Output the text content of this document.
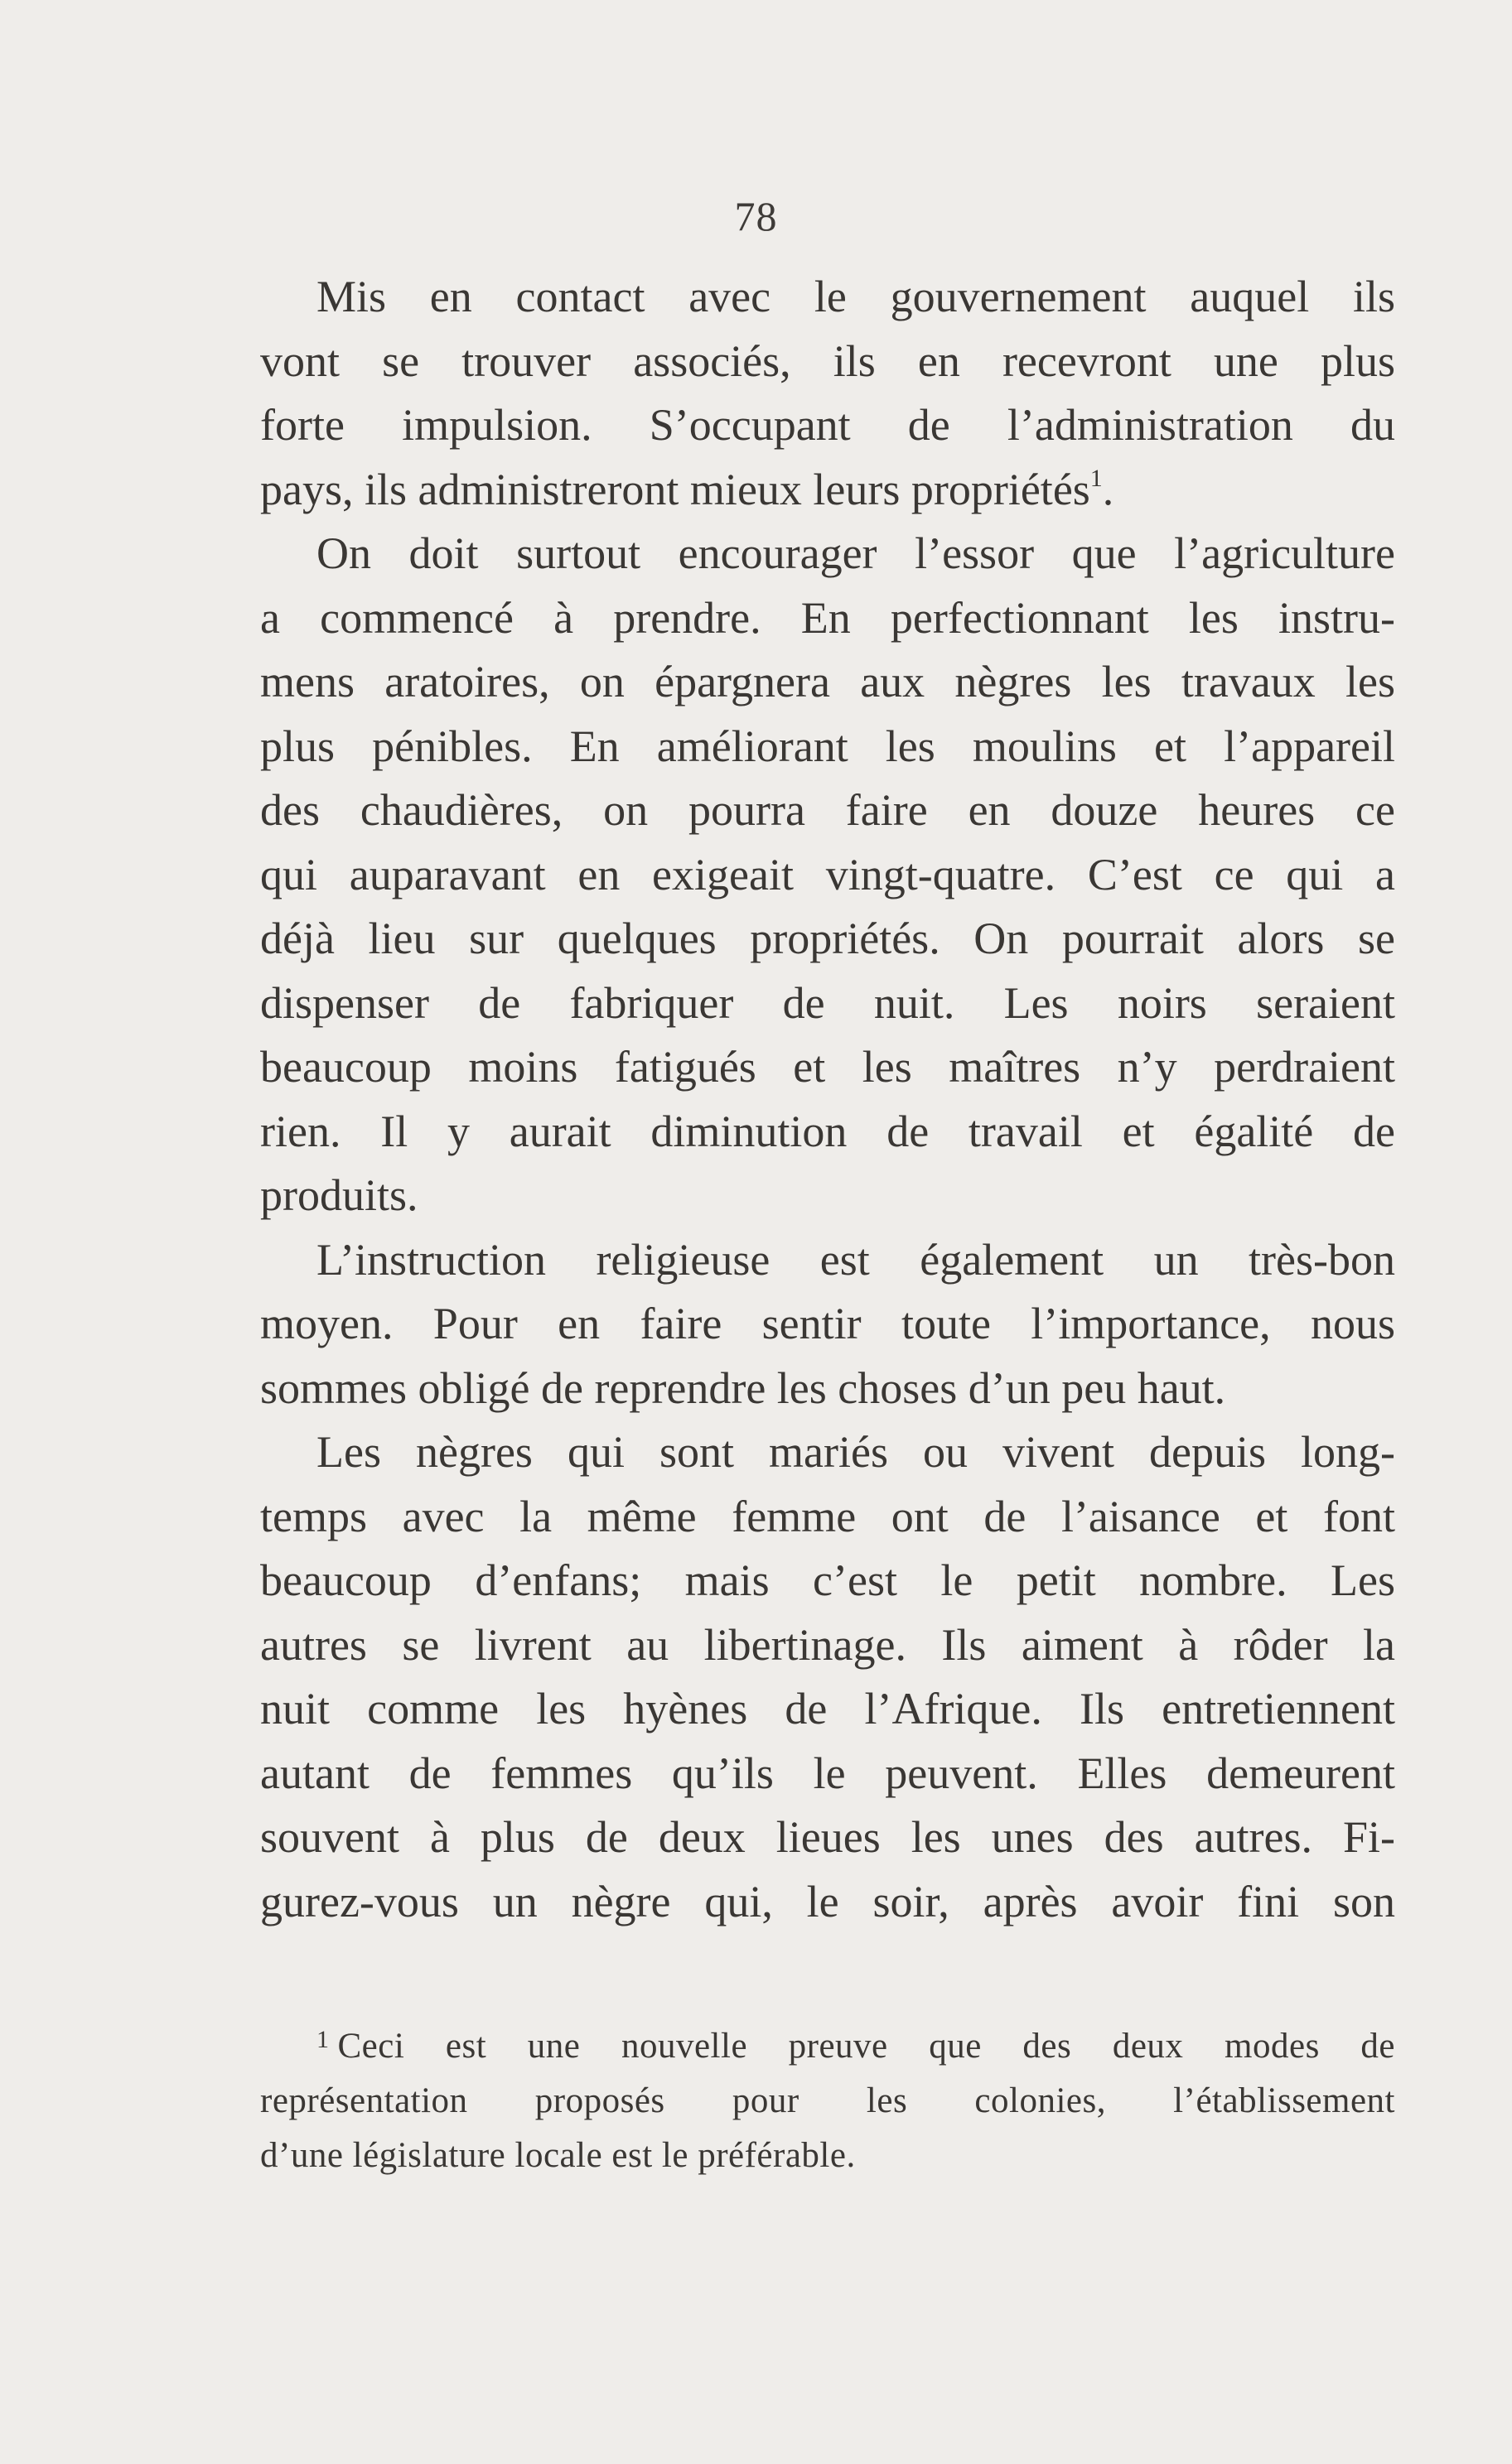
78
Mis en contact avec le gouvernement auquel ils
vont se trouver associés, ils en recevront une plus
forte impulsion. S’occupant de l’administration du
pays, ils administreront mieux leurs propriétés$^1$.
On doit surtout encourager l’essor que l’agriculture
a commencé à prendre. En perfectionnant les instru-
mens aratoires, on épargnera aux nègres les travaux les
plus pénibles. En améliorant les moulins et l’appareil
des chaudières, on pourra faire en douze heures ce
qui auparavant en exigeait vingt-quatre. C’est ce qui a
déjà lieu sur quelques propriétés. On pourrait alors se
dispenser de fabriquer de nuit. Les noirs seraient
beaucoup moins fatigués et les maîtres n’y perdraient
rien. Il y aurait diminution de travail et égalité de
produits.
L’instruction religieuse est également un très-bon
moyen. Pour en faire sentir toute l’importance, nous
sommes obligé de reprendre les choses d’un peu haut.
Les nègres qui sont mariés ou vivent depuis long-
temps avec la même femme ont de l’aisance et font
beaucoup d’enfans; mais c’est le petit nombre. Les
autres se livrent au libertinage. Ils aiment à rôder la
nuit comme les hyènes de l’Afrique. Ils entretiennent
autant de femmes qu’ils le peuvent. Elles demeurent
souvent à plus de deux lieues les unes des autres. Fi-
gurez-vous un nègre qui, le soir, après avoir fini son
$^1$ Ceci est une nouvelle preuve que des deux modes de
représentation proposés pour les colonies, l’établissement
d’une législature locale est le préférable.
